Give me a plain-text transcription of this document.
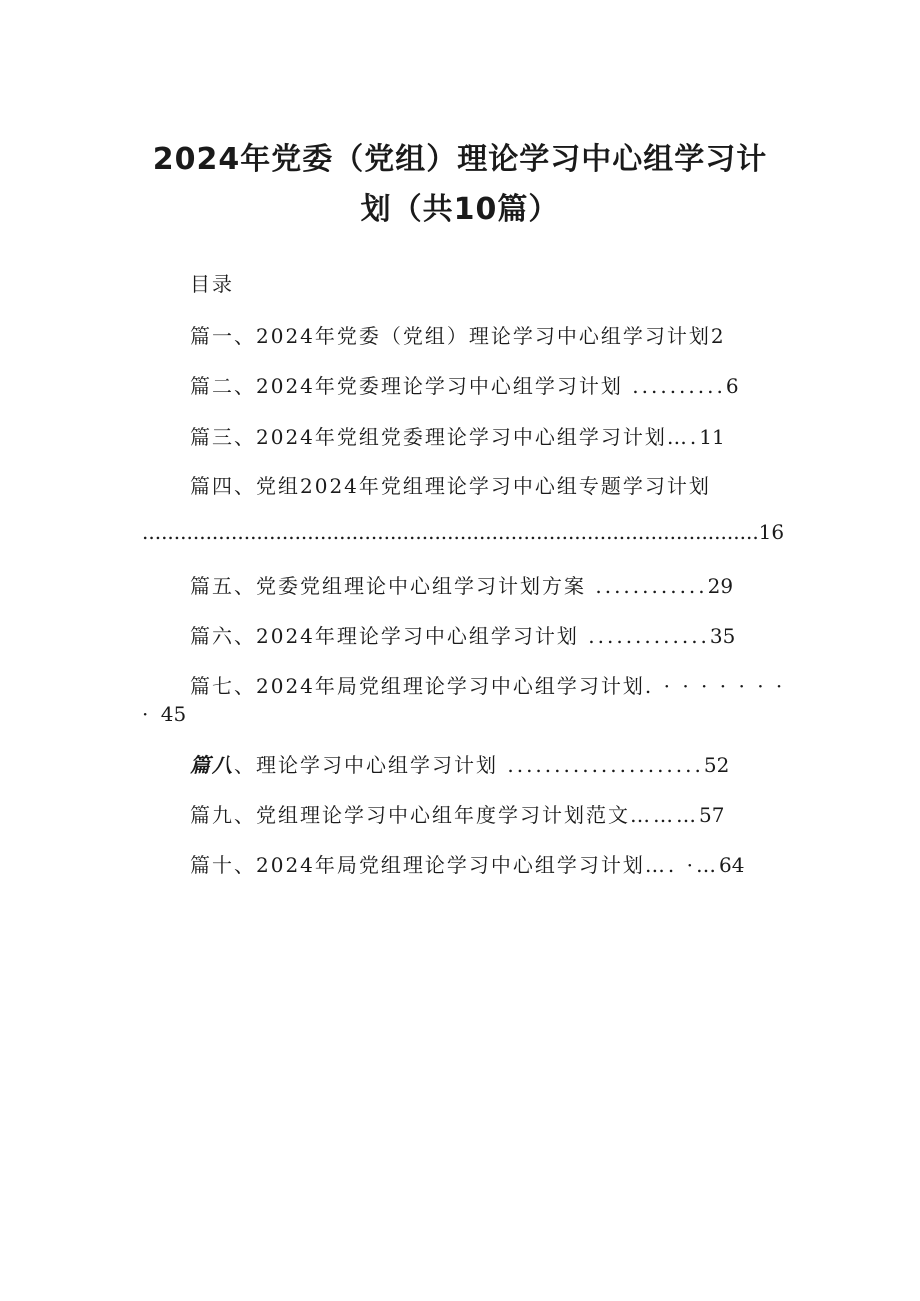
2024年党委（党组）理论学习中心组学习计
划（共10篇）

目录

篇一、2024年党委（党组）理论学习中心组学习计划2

篇二、2024年党委理论学习中心组学习计划 ..........6

篇三、2024年党组党委理论学习中心组学习计划….11

篇四、党组2024年党组理论学习中心组专题学习计划

.................................................................................................16

篇五、党委党组理论中心组学习计划方案 ............29

篇六、2024年理论学习中心组学习计划 .............35

篇七、2024年局党组理论学习中心组学习计划. · · · · · · ·

· 45

篇八、理论学习中心组学习计划 .....................52

篇九、党组理论学习中心组年度学习计划范文………57

篇十、2024年局党组理论学习中心组学习计划…. ·…64
